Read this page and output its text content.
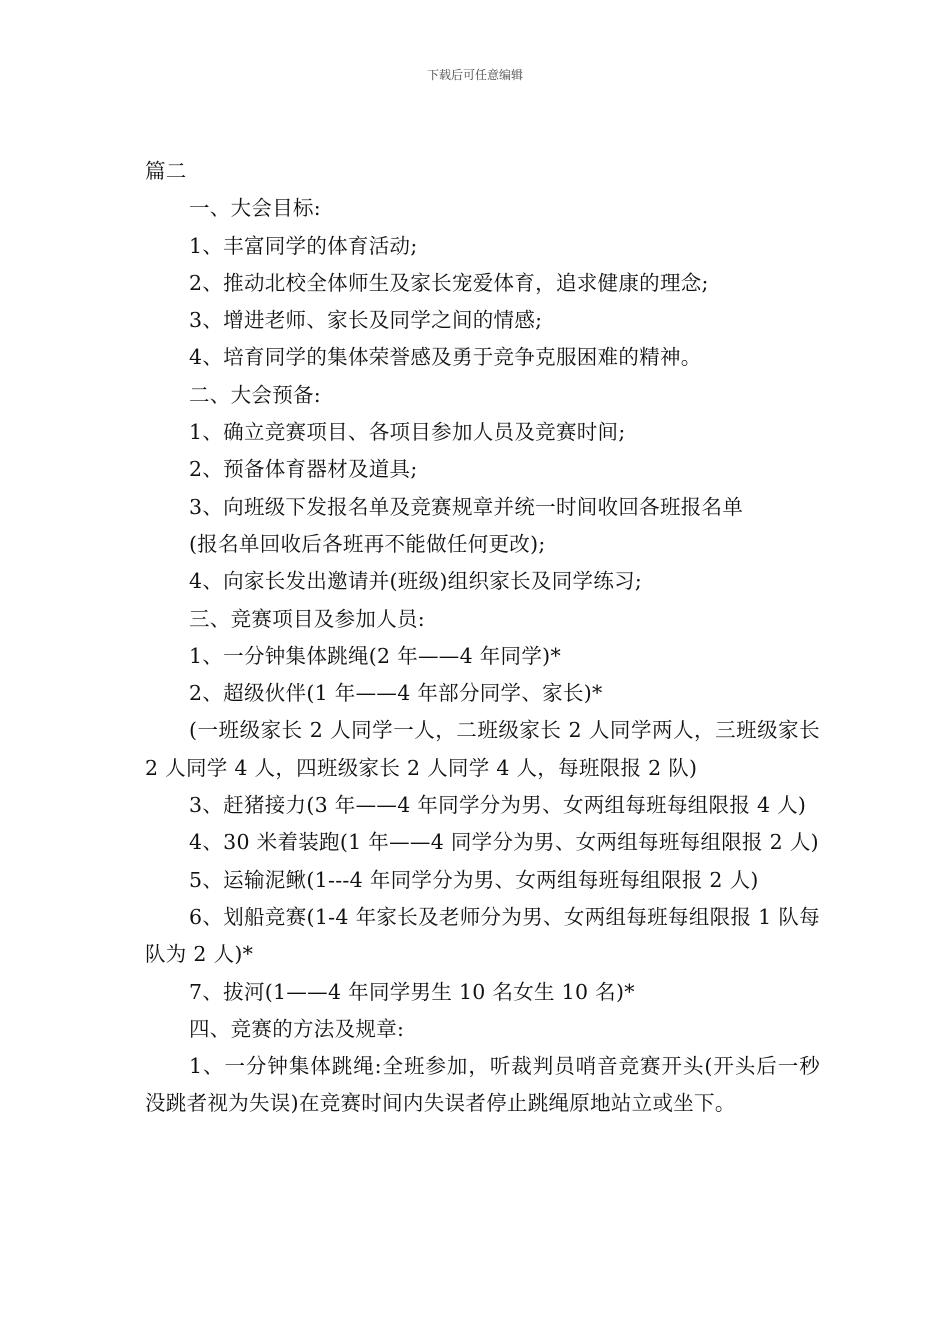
下载后可任意编辑

篇二

一、大会目标:

1、丰富同学的体育活动;

2、推动北校全体师生及家长宠爱体育，追求健康的理念;

3、增进老师、家长及同学之间的情感;

4、培育同学的集体荣誉感及勇于竞争克服困难的精神。

二、大会预备:

1、确立竞赛项目、各项目参加人员及竞赛时间;

2、预备体育器材及道具;

3、向班级下发报名单及竞赛规章并统一时间收回各班报名单

(报名单回收后各班再不能做任何更改);

4、向家长发出邀请并(班级)组织家长及同学练习;

三、竞赛项目及参加人员:

1、一分钟集体跳绳(2 年——4 年同学)*

2、超级伙伴(1 年——4 年部分同学、家长)*

(一班级家长 2 人同学一人，二班级家长 2 人同学两人，三班级家长 2 人同学 4 人，四班级家长 2 人同学 4 人，每班限报 2 队)

3、赶猪接力(3 年——4 年同学分为男、女两组每班每组限报 4 人)

4、30 米着装跑(1 年——4 同学分为男、女两组每班每组限报 2 人)

5、运输泥鳅(1---4 年同学分为男、女两组每班每组限报 2 人)

6、划船竞赛(1-4 年家长及老师分为男、女两组每班每组限报 1 队每队为 2 人)*

7、拔河(1——4 年同学男生 10 名女生 10 名)*

四、竞赛的方法及规章:

1、一分钟集体跳绳:全班参加，听裁判员哨音竞赛开头(开头后一秒没跳者视为失误)在竞赛时间内失误者停止跳绳原地站立或坐下。
